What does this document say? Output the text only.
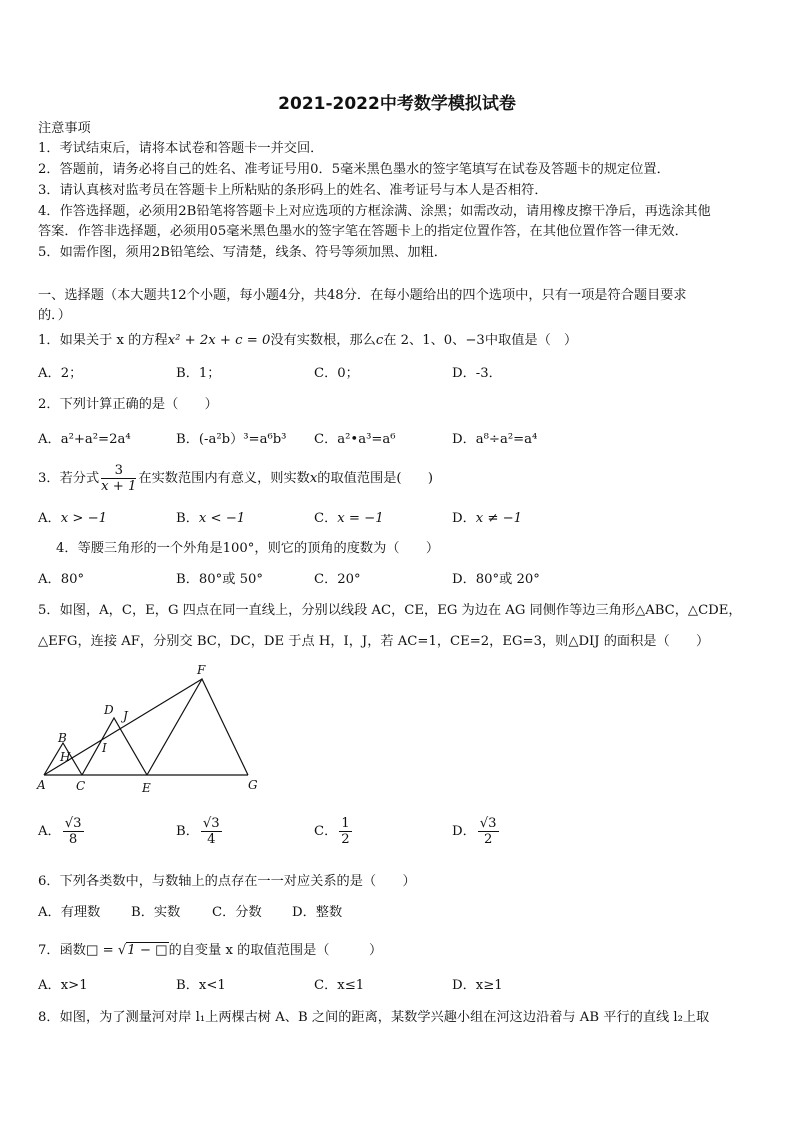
2021-2022中考数学模拟试卷
注意事项
1．考试结束后，请将本试卷和答题卡一并交回．
2．答题前，请务必将自己的姓名、准考证号用0．5毫米黑色墨水的签字笔填写在试卷及答题卡的规定位置．
3．请认真核对监考员在答题卡上所粘贴的条形码上的姓名、准考证号与本人是否相符．
4．作答选择题，必须用2B铅笔将答题卡上对应选项的方框涂满、涂黑；如需改动，请用橡皮擦干净后，再选涂其他
答案．作答非选择题，必须用05毫米黑色墨水的签字笔在答题卡上的指定位置作答，在其他位置作答一律无效．
5．如需作图，须用2B铅笔绘、写清楚，线条、符号等须加黑、加粗．
一、选择题（本大题共12个小题，每小题4分，共48分．在每小题给出的四个选项中，只有一项是符合题目要求
的．）
1．如果关于 x 的方程x² + 2x + c = 0没有实数根，那么c在 2、1、0、−3中取值是（　）
A．2；	B．1；	C．0；	D．-3．
2．下列计算正确的是（　　）
A．a²+a²=2a⁴	B．(-a²b）³=a⁶b³ C．a²•a³=a⁶	D．a⁸÷a²=a⁴
3．若分式 $\frac{3}{x + 1}$ 在实数范围内有意义，则实数x的取值范围是(　　)
A．x > −1	B．x < −1	C．x = −1	D．x ≠ −1
4．等腰三角形的一个外角是100°，则它的顶角的度数为（　　）
A．80°	B．80°或 50°	C．20°	D．80°或 20°
5．如图，A，C，E，G 四点在同一直线上，分别以线段 AC，CE，EG 为边在 AG 同侧作等边三角形△ABC，△CDE，
△EFG，连接 AF，分别交 BC，DC，DE 于点 H，I，J，若 AC=1，CE=2，EG=3，则△DIJ 的面积是（　　）
F
D J
B
I
H
A	C	E	G
A． $\frac{√3}{8}$	B． $\frac{√3}{4}$	C． $\frac{1}{2}$	D． $\frac{√3}{2}$
6．下列各类数中，与数轴上的点存在一一对应关系的是（　　）
A．有理数 B．实数 C．分数 D．整数
7．函数□ = √1 − □的自变量 x 的取值范围是（　　　）
A．x>1	B．x<1	C．x≤1	D．x≥1
8．如图，为了测量河对岸 l₁上两棵古树 A、B 之间的距离，某数学兴趣小组在河这边沿着与 AB 平行的直线 l₂上取
